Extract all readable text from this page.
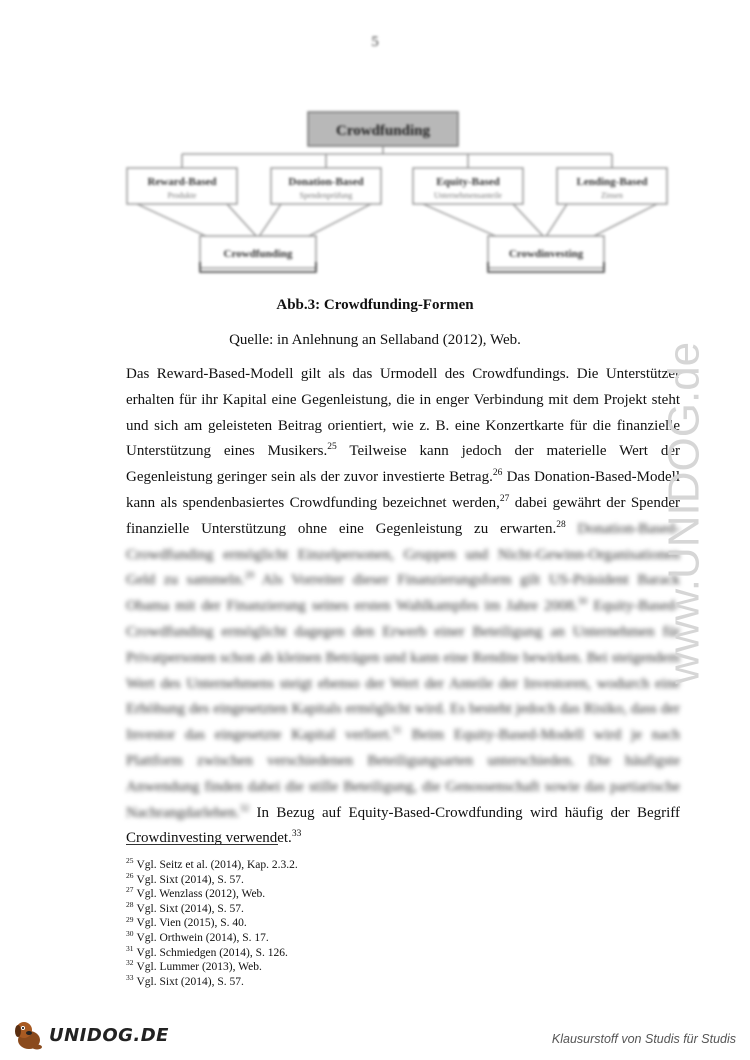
5
Crowdfunding
Reward-Based
Produkte
Donation-Based
Spendenprüfung
Equity-Based
Unternehmensanteile
Lending-Based
Zinsen
Crowdfunding	Crowdinvesting
Abb.3: Crowdfunding-Formen
Quelle: in Anlehnung an Sellaband (2012), Web.

Das Reward-Based-Modell gilt als das Urmodell des Crowdfundings. Die Unterstützer erhalten für ihr Kapital eine Gegenleistung, die in enger Verbindung mit dem Projekt steht und sich am geleisteten Beitrag orientiert, wie z. B. eine Konzertkarte für die finanzielle Unterstützung eines Musikers.$^{25}$ Teilweise kann jedoch der materielle Wert der Gegenleistung geringer sein als der zuvor investierte Betrag.$^{26}$ Das Donation-Based-Modell kann als spendenbasiertes Crowdfunding bezeichnet werden,$^{27}$ dabei gewährt der Spender finanzielle Unterstützung ohne eine Gegenleistung zu erwarten.$^{28}$ Donation-Based-Crowdfunding ermöglicht Einzelpersonen, Gruppen und Nicht-Gewinn-Organisationen Geld zu sammeln.$^{29}$ Als Vorreiter dieser Finanzierungsform gilt US-Präsident Barack Obama mit der Finanzierung seines ersten Wahlkampfes im Jahre 2008.30 Equity-Based-Crowdfunding ermöglicht dagegen den Erwerb einer Beteiligung an Unternehmen für Privatpersonen schon ab kleinen Beträgen und kann eine Rendite bewirken. Bei steigendem Wert des Unternehmens steigt ebenso der Wert der Anteile der Investoren, wodurch eine Erhöhung des eingesetzten Kapitals ermöglicht wird. Es besteht jedoch das Risiko, dass der Investor das eingesetzte Kapital verliert.$^{31}$ Beim Equity-Based-Modell wird je nach Plattform zwischen verschiedenen Beteiligungsarten unterschieden. Die häufigste Anwendung finden dabei die stille Beteiligung, die Genossenschaft sowie das partiarische Nachrangdarlehen.$^{32}$ In Bezug auf Equity-Based-Crowdfunding wird häufig der Begriff Crowdinvesting verwendet.$^{33}$

$^{25}$ Vgl. Seitz et al. (2014), Kap. 2.3.2.
$^{26}$ Vgl. Sixt (2014), S. 57.
$^{27}$ Vgl. Wenzlass (2012), Web.
$^{28}$ Vgl. Sixt (2014), S. 57.
$^{29}$ Vgl. Vien (2015), S. 40.
$^{30}$ Vgl. Orthwein (2014), S. 17.
$^{31}$ Vgl. Schmiedgen (2014), S. 126.
$^{32}$ Vgl. Lummer (2013), Web.
$^{33}$ Vgl. Sixt (2014), S. 57.
www.UNIDOG.de
UNIDOG.DE	Klausurstoff von Studis für Studis
